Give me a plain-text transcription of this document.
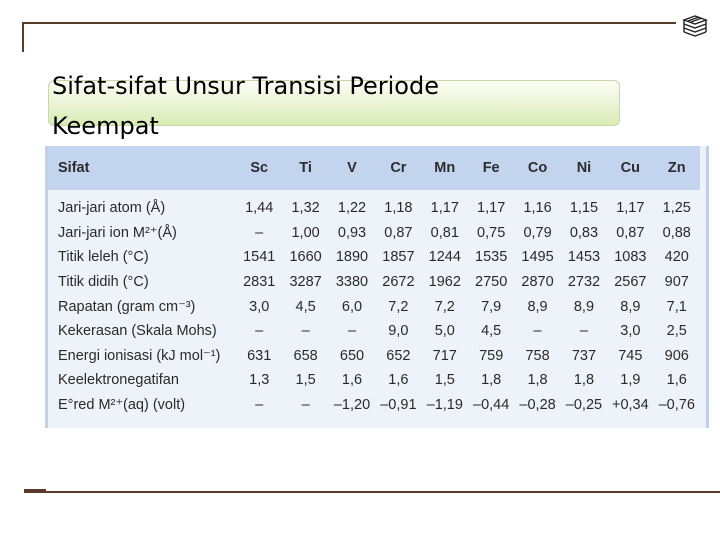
Sifat-sifat Unsur Transisi Periode Keempat
Sifat	Sc	Ti	V	Cr	Mn	Fe	Co	Ni	Cu	Zn

Jari-jari atom (Å)	1,44	1,32	1,22	1,18	1,17	1,17	1,16	1,15	1,17	1,25
Jari-jari ion M²⁺(Å)	–	1,00	0,93	0,87	0,81	0,75	0,79	0,83	0,87	0,88
Titik leleh (°C)	1541	1660	1890	1857	1244	1535	1495	1453	1083	420
Titik didih (°C)	2831	3287	3380	2672	1962	2750	2870	2732	2567	907
Rapatan (gram cm⁻³)	3,0	4,5	6,0	7,2	7,2	7,9	8,9	8,9	8,9	7,1
Kekerasan (Skala Mohs)	–	–	–	9,0	5,0	4,5	–	–	3,0	2,5
Energi ionisasi (kJ mol⁻¹)	631	658	650	652	717	759	758	737	745	906
Keelektronegatifan	1,3	1,5	1,6	1,6	1,5	1,8	1,8	1,8	1,9	1,6
E°red M²⁺(aq) (volt)	–	–	–1,20	–0,91	–1,19	–0,44	–0,28	–0,25	+0,34	–0,76
